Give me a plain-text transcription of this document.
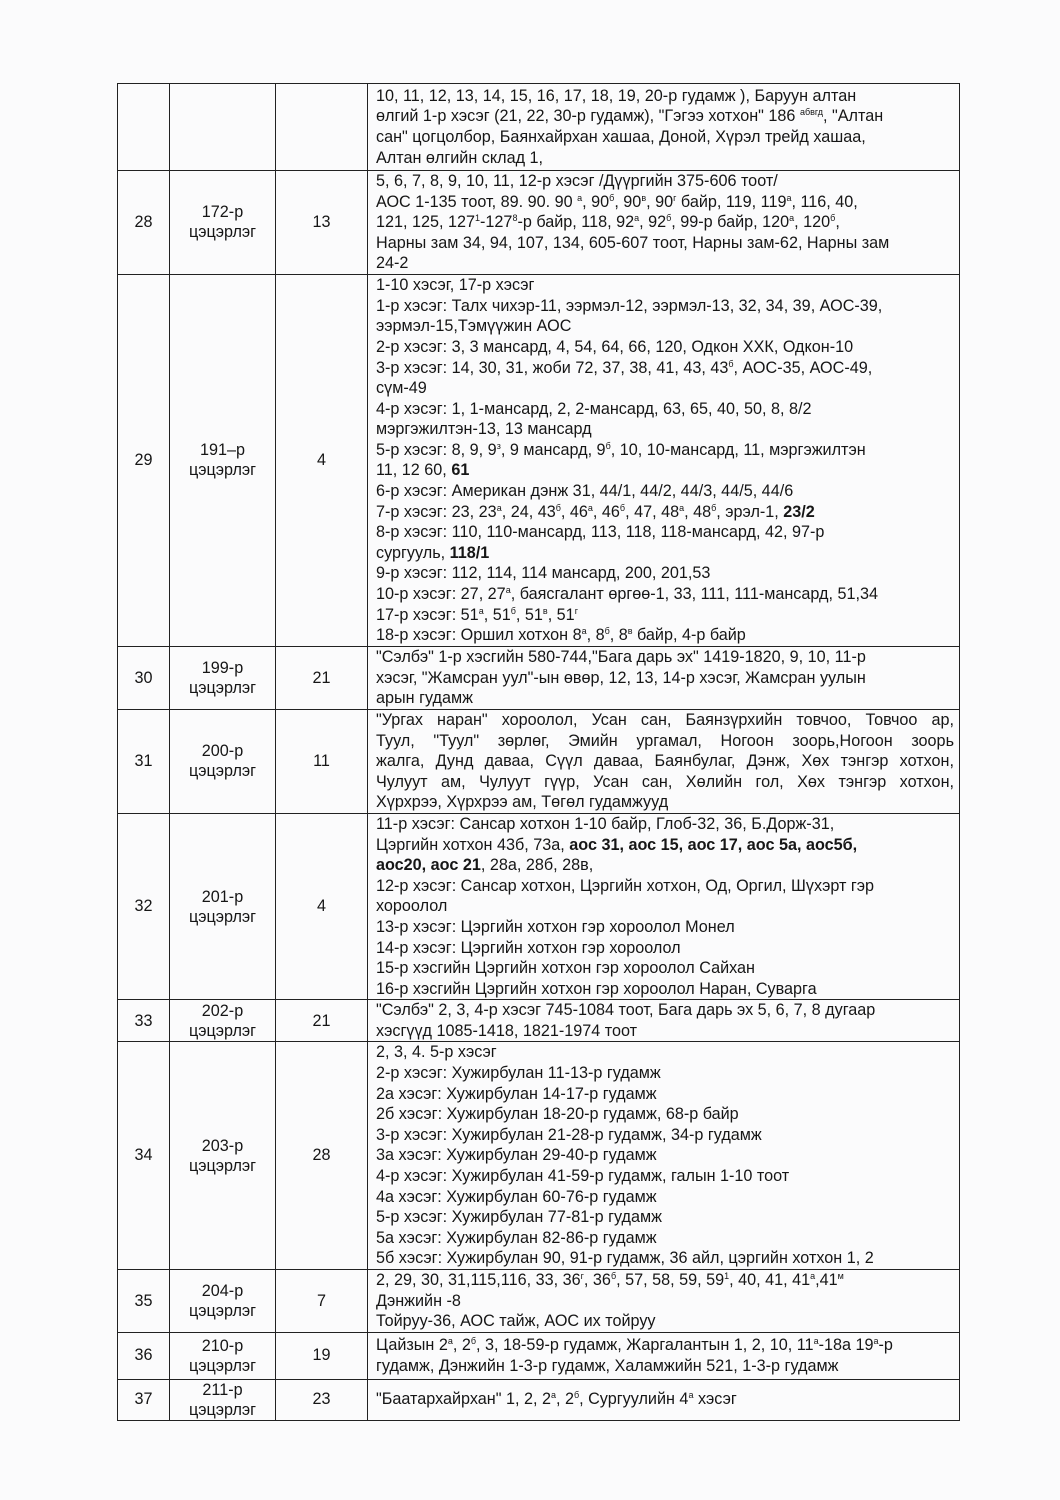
10, 11, 12, 13, 14, 15, 16, 17, 18, 19, 20-р гудамж ), Баруун алтан
өлгий 1-р хэсэг (21, 22, 30-р гудамж), "Гэгээ хотхон" 186 $^{абвгд}$, "Алтан
сан" цогцолбор, Баянхайрхан хашаа, Доной, Хүрэл трейд хашаа,
Алтан өлгийн склад 1,

28	
172-р
цэцэрлэг
	13	
5, 6, 7, 8, 9, 10, 11, 12-р хэсэг /Дүүргийн 375-606 тоот/
АОС 1-135 тоот, 89. 90. 90 $^а$, $90^б$, $90^в$, $90^г$ байр, 119, $119^а$, 116, 40,
121, 125, $127^1-127^8-р$ байр, 118, $92^а$, $92^б$, 99-р байр, $120^а$, $120^б$,
Нарны зам 34, 94, 107, 134, 605-607 тоот, Нарны зам-62, Нарны зам
24-2

29	
191–р
цэцэрлэг
	4	
1-10 хэсэг, 17-р хэсэг
1-р хэсэг: Талх чихэр-11, ээрмэл-12, ээрмэл-13, 32, 34, 39, АОС-39,
ээрмэл-15,Тэмүүжин АОС
2-р хэсэг: 3, 3 мансард, 4, 54, 64, 66, 120, Одкон ХХК, Одкон-10
3-р хэсэг: 14, 30, 31, жоби 72, 37, 38, 41, 43, $43^б$, АОС-35, АОС-49,
сүм-49
4-р хэсэг: 1, 1-мансард, 2, 2-мансард, 63, 65, 40, 50, 8, 8/2
мэргэжилтэн-13, 13 мансард
5-р хэсэг: 8, 9, $9^з$, 9 мансард, $9^б$, 10, 10-мансард, 11, мэргэжилтэн
11, 12 60, 61
6-р хэсэг: Американ дэнж 31, 44/1, 44/2, 44/3, 44/5, 44/6
7-р хэсэг: 23, $23^а$, 24, $43^б$, $46^а$, $46^б$, 47, $48^а$, $48^б$, эрэл-1, 23/2
8-р хэсэг: 110, 110-мансард, 113, 118, 118-мансард, 42, 97-р
сургууль, 118/1
9-р хэсэг: 112, 114, 114 мансард, 200, 201,53
10-р хэсэг: 27, $27^а$, баясгалант өргөө-1, 33, 111, 111-мансард, 51,34
17-р хэсэг: $51^а$, $51^б$, $51^в$, $51^г$
18-р хэсэг: Оршил хотхон $8^а$, $8^б$, $8^в$ байр, 4-р байр

30	
199-р
цэцэрлэг
	21	
"Сэлбэ" 1-р хэсгийн 580-744,"Бага дарь эх" 1419-1820, 9, 10, 11-р
хэсэг, "Жамсран уул"-ын өвөр, 12, 13, 14-р хэсэг, Жамсран уулын
арын гудамж

31	
200-р
цэцэрлэг
	11	
"Ургах наран" хороолол, Усан сан, Баянзүрхийн товчоо, Товчоо ар,
Туул, "Туул" зөрлөг, Эмийн ургамал, Ногоон зоорь,Ногоон зоорь
жалга, Дунд даваа, Сүүл даваа, Баянбулаг, Дэнж, Хөх тэнгэр хотхон,
Чулуут ам, Чулуут гүүр, Усан сан, Хөлийн гол, Хөх тэнгэр хотхон,
Хүрхрээ, Хүрхрээ ам, Төгөл гудамжууд

32	
201-р
цэцэрлэг
	4	
11-р хэсэг: Сансар хотхон 1-10 байр, Глоб-32, 36, Б.Дорж-31,
Цэргийн хотхон 43б, 73а, аос 31, аос 15, аос 17, аос 5а, аос5б,
аос20, аос 21, 28а, 28б, 28в,
12-р хэсэг: Сансар хотхон, Цэргийн хотхон, Од, Оргил, Шүхэрт гэр
хороолол
13-р хэсэг: Цэргийн хотхон гэр хороолол Монел
14-р хэсэг: Цэргийн хотхон гэр хороолол
15-р хэсгийн Цэргийн хотхон гэр хороолол Сайхан
16-р хэсгийн Цэргийн хотхон гэр хороолол Наран, Суварга

33	
202-р
цэцэрлэг
	21	
"Сэлбэ" 2, 3, 4-р хэсэг 745-1084 тоот, Бага дарь эх 5, 6, 7, 8 дугаар
хэсгүүд 1085-1418, 1821-1974 тоот

34	
203-р
цэцэрлэг
	28	
2, 3, 4. 5-р хэсэг
2-р хэсэг: Хужирбулан 11-13-р гудамж
2а хэсэг: Хужирбулан 14-17-р гудамж
2б хэсэг: Хужирбулан 18-20-р гудамж, 68-р байр
3-р хэсэг: Хужирбулан 21-28-р гудамж, 34-р гудамж
3а хэсэг: Хужирбулан 29-40-р гудамж
4-р хэсэг: Хужирбулан 41-59-р гудамж, галын 1-10 тоот
4а хэсэг: Хужирбулан 60-76-р гудамж
5-р хэсэг: Хужирбулан 77-81-р гудамж
5а хэсэг: Хужирбулан 82-86-р гудамж
5б хэсэг: Хужирбулан 90, 91-р гудамж, 36 айл, цэргийн хотхон 1, 2

35	
204-р
цэцэрлэг
	7	
2, 29, 30, 31,115,116, 33, $36^г$, $36^б$, 57, 58, 59, $59^1$, 40, 41, $41^а,41^м$
Дэнжийн -8
Тойруу-36, АОС тайж, АОС их тойруу

36	
210-р
цэцэрлэг
	19	
Цайзын $2^а$, $2^б$, 3, 18-59-р гудамж, Жаргалантын 1, 2, 10, $11^а-18а$ $19^а-р$
гудамж, Дэнжийн 1-3-р гудамж, Халамжийн 521, 1-3-р гудамж

37	
211-р
цэцэрлэг
	23	"Баатархайрхан" 1, 2, $2^а$, $2^б$, Сургуулийн $4^а$ хэсэг
